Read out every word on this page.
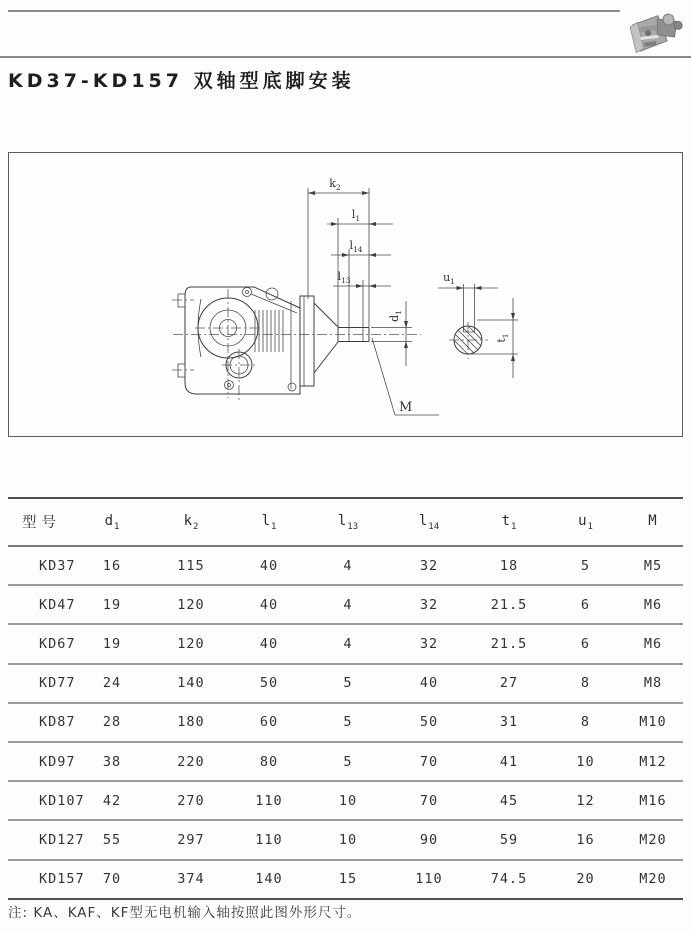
KD37-KD157 双轴型底脚安装
$k_2$
$l_1$
$l_{14}$
$l_{13}$
$d_1$
M
$u_1$
$t_1$
型号	$d_1$	$k_2$	$l_1$	$l_{13}$	$l_{14}$	$t_1$	$u_1$	M
KD37	16	115	40	4	32	18	5	M5
KD47	19	120	40	4	32	21.5	6	M6
KD67	19	120	40	4	32	21.5	6	M6
KD77	24	140	50	5	40	27	8	M8
KD87	28	180	60	5	50	31	8	M10
KD97	38	220	80	5	70	41	10	M12
KD107	42	270	110	10	70	45	12	M16
KD127	55	297	110	10	90	59	16	M20
KD157	70	374	140	15	110	74.5	20	M20
注: KA、KAF、KF型无电机输入轴按照此图外形尺寸。
